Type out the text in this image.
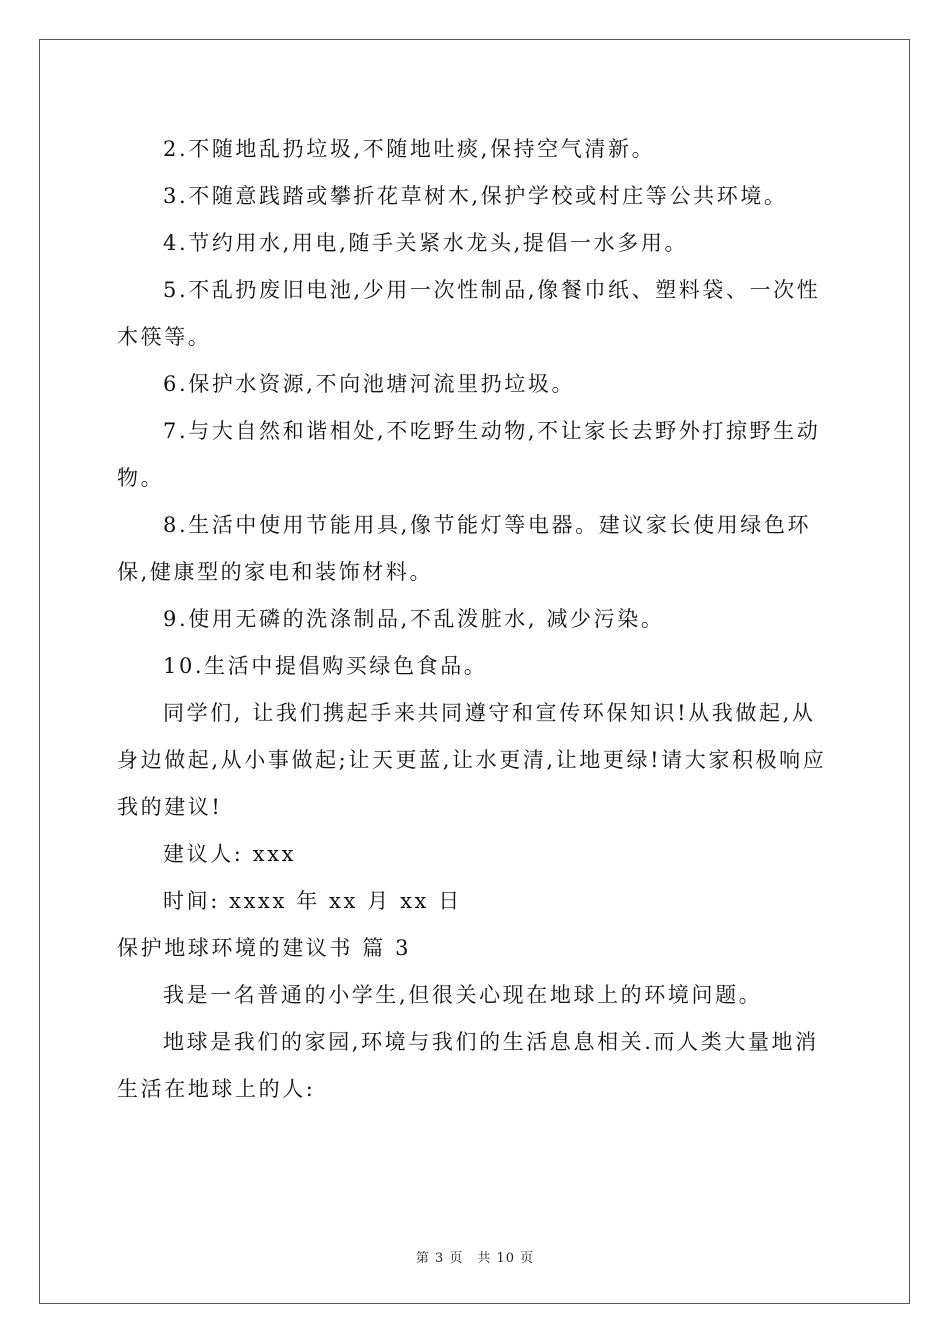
2.不随地乱扔垃圾,不随地吐痰,保持空气清新。

3.不随意践踏或攀折花草树木,保护学校或村庄等公共环境。

4.节约用水,用电,随手关紧水龙头,提倡一水多用。

5.不乱扔废旧电池,少用一次性制品,像餐巾纸、塑料袋、一次性木筷等。

6.保护水资源,不向池塘河流里扔垃圾。

7.与大自然和谐相处,不吃野生动物,不让家长去野外打掠野生动物。

8.生活中使用节能用具,像节能灯等电器。建议家长使用绿色环保,健康型的家电和装饰材料。

9.使用无磷的洗涤制品,不乱泼脏水, 减少污染。

10.生活中提倡购买绿色食品。

同学们, 让我们携起手来共同遵守和宣传环保知识!从我做起,从身边做起,从小事做起;让天更蓝,让水更清,让地更绿!请大家积极响应我的建议!

建议人: xxx

时间: xxxx 年 xx 月 xx 日

保护地球环境的建议书 篇 3

我是一名普通的小学生,但很关心现在地球上的环境问题。

地球是我们的家园,环境与我们的生活息息相关.而人类大量地消生活在地球上的人:

第 3 页 共 10 页
